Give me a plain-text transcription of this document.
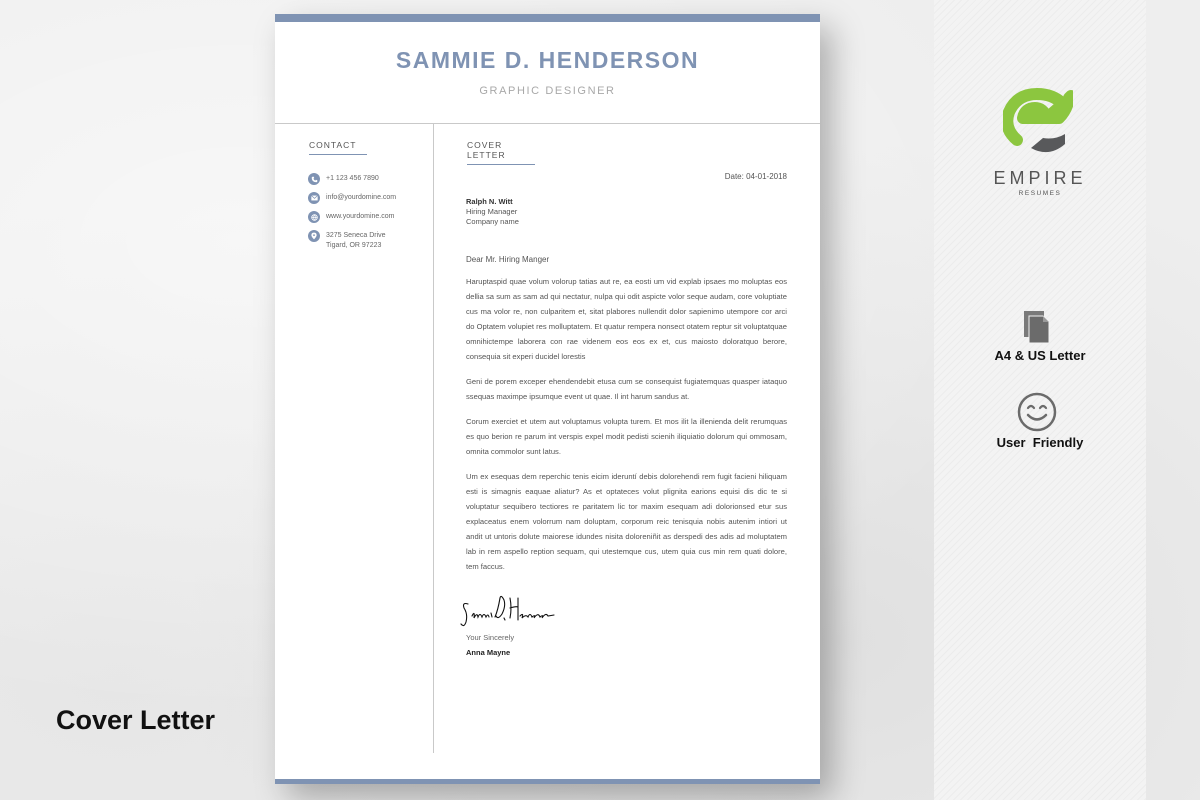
SAMMIE D. HENDERSON
GRAPHIC DESIGNER
CONTACT
+1 123 456 7890
info@yourdomine.com
www.yourdomine.com
3275 Seneca Drive
Tigard, OR 97223
COVER LETTER
Date: 04-01-2018
Ralph N. Witt
Hiring Manager
Company name
Dear Mr. Hiring Manger

Haruptaspid quae volum volorup tatias aut re, ea eosti um vid explab ipsaes mo moluptas eos dellia sa sum as sam ad qui nectatur, nulpa qui odit aspicte volor seque audam, core voluptiate cus ma volor re, non culparitem et, sitat plabores nullendit dolor sapienimo utempore cor arci do Optatem volupiet res molluptatem. Et quatur rempera nonsect otatem reptur sit voluptatquae omnihictempe laborera con rae videnem eos eos ex et, cus maiosto doloratquo berore, consequia sit experi ducidel lorestis

Geni de porem exceper ehendendebit etusa cum se consequist fugiatemquas quasper iataquo ssequas maximpe ipsumque event ut quae. Il int harum sandus at.

Corum exerciet et utem aut voluptamus volupta turem. Et mos ilit la illenienda delit rerumquas es quo berion re parum int verspis expel modit pedisti scienih iliquiatio dolorum qui ommosam, omnita commolor sunt latus.

Um ex esequas dem reperchic tenis eicim ideruntí debis dolorehendi rem fugit facieni hiliquam esti is simagnis eaquae aliatur? As et optateces volut plignita earions equisi dis dic te si voluptatur sequibero tectiores re paritatem lic tor maxim esequam adi dolorionsed etur sus explaceatus enem volorrum nam doluptam, corporum reic tenisquia nobis autenim intiori ut andit ut untoris dolute maiorese idundes nisita doloreniñit as derspedi des adis ad moluptatem lab in rem aspello reption sequam, qui utestemque cus, utem quia cus min rem quati dolore, tem faccus.

Your Sincerely
Anna Mayne
Cover Letter
EMPIRE
RESUMES
A4 & US Letter
User  Friendly
